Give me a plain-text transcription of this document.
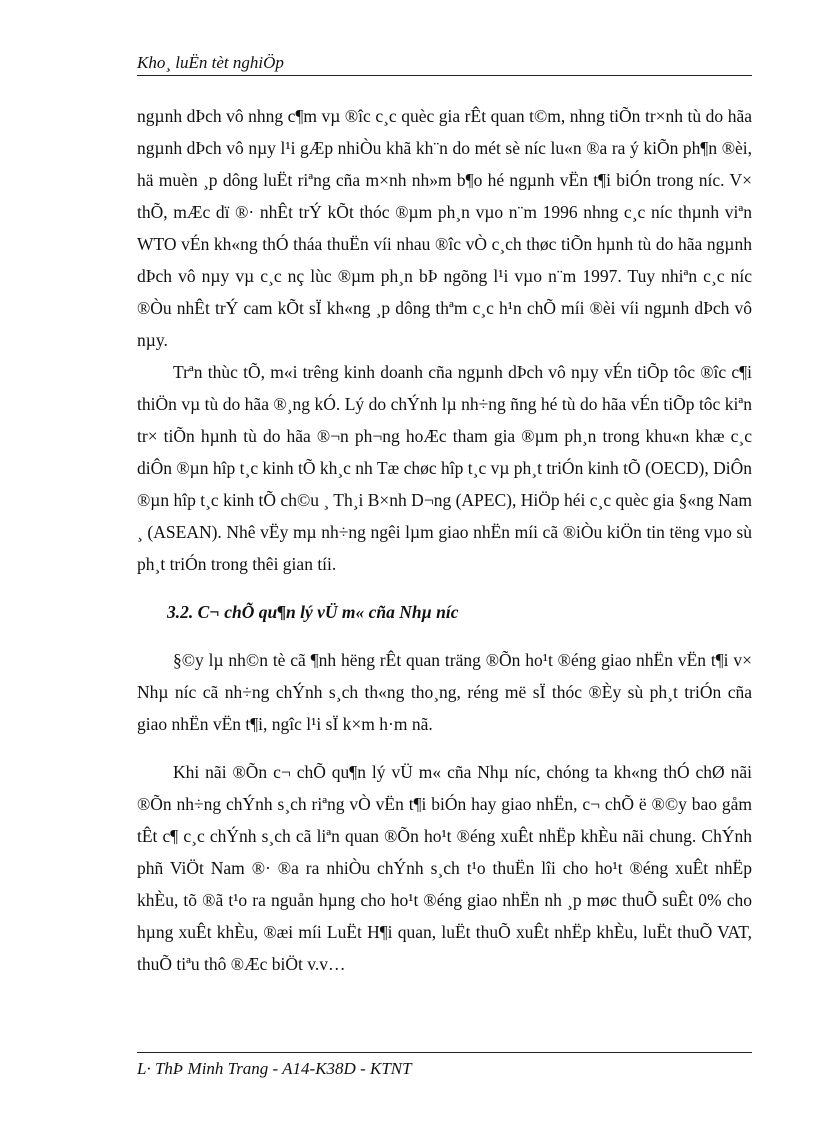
Kho¸ luËn tèt nghiÖp

ngµnh dÞch vô nhng c¶m vµ ®îc c¸c quèc gia rÊt quan t©m, nhng tiÕn tr×nh tù do hãa ngµnh dÞch vô nµy l¹i gÆp nhiÒu khã kh¨n do mét sè níc lu«n ®a ra ý kiÕn ph¶n ®èi, hä muèn ¸p dông luËt riªng cña m×nh nh»m b¶o hé ngµnh vËn t¶i biÓn trong níc. V× thÕ, mÆc dï ®· nhÊt trÝ kÕt thóc ®µm ph¸n vµo n¨m 1996 nhng c¸c níc thµnh viªn WTO vÉn kh«ng thÓ tháa thuËn víi nhau ®îc vÒ c¸ch thøc tiÕn hµnh tù do hãa ngµnh dÞch vô nµy vµ c¸c nç lùc ®µm ph¸n bÞ ngõng l¹i vµo n¨m 1997. Tuy nhiªn c¸c níc ®Òu nhÊt trÝ cam kÕt sÏ kh«ng ¸p dông thªm c¸c h¹n chÕ míi ®èi víi ngµnh dÞch vô nµy.

Trªn thùc tÕ, m«i trêng kinh doanh cña ngµnh dÞch vô nµy vÉn tiÕp tôc ®îc c¶i thiÖn vµ tù do hãa ®¸ng kÓ. Lý do chÝnh lµ nh÷ng ñng hé tù do hãa vÉn tiÕp tôc kiªn tr× tiÕn hµnh tù do hãa ®¬n ph¬ng hoÆc tham gia ®µm ph¸n trong khu«n khæ c¸c diÔn ®µn hîp t¸c kinh tÕ kh¸c nh Tæ chøc hîp t¸c vµ ph¸t triÓn kinh tÕ (OECD), DiÔn ®µn hîp t¸c kinh tÕ ch©u ¸ Th¸i B×nh D¬ng (APEC), HiÖp héi c¸c quèc gia §«ng Nam ¸ (ASEAN). Nhê vËy mµ nh÷ng ngêi lµm giao nhËn míi cã ®iÒu kiÖn tin tëng vµo sù ph¸t triÓn trong thêi gian tíi.

3.2. C¬ chÕ qu¶n lý vÜ m« cña Nhµ níc

§©y lµ nh©n tè cã ¶nh hëng rÊt quan träng ®Õn ho¹t ®éng giao nhËn vËn t¶i v× Nhµ níc cã nh÷ng chÝnh s¸ch th«ng tho¸ng, réng më sÏ thóc ®Èy sù ph¸t triÓn cña giao nhËn vËn t¶i, ngîc l¹i sÏ k×m h·m nã.

Khi nãi ®Õn c¬ chÕ qu¶n lý vÜ m« cña Nhµ níc, chóng ta kh«ng thÓ chØ nãi ®Õn nh÷ng chÝnh s¸ch riªng vÒ vËn t¶i biÓn hay giao nhËn, c¬ chÕ ë ®©y bao gåm tÊt c¶ c¸c chÝnh s¸ch cã liªn quan ®Õn ho¹t ®éng xuÊt nhËp khÈu nãi chung. ChÝnh phñ ViÖt Nam ®· ®a ra nhiÒu chÝnh s¸ch t¹o thuËn lîi cho ho¹t ®éng xuÊt nhËp khÈu, tõ ®ã t¹o ra nguån hµng cho ho¹t ®éng giao nhËn nh ¸p møc thuÕ suÊt 0% cho hµng xuÊt khÈu, ®æi míi LuËt H¶i quan, luËt thuÕ xuÊt nhËp khÈu, luËt thuÕ VAT, thuÕ tiªu thô ®Æc biÖt v.v…

L· ThÞ Minh Trang - A14-K38D - KTNT
